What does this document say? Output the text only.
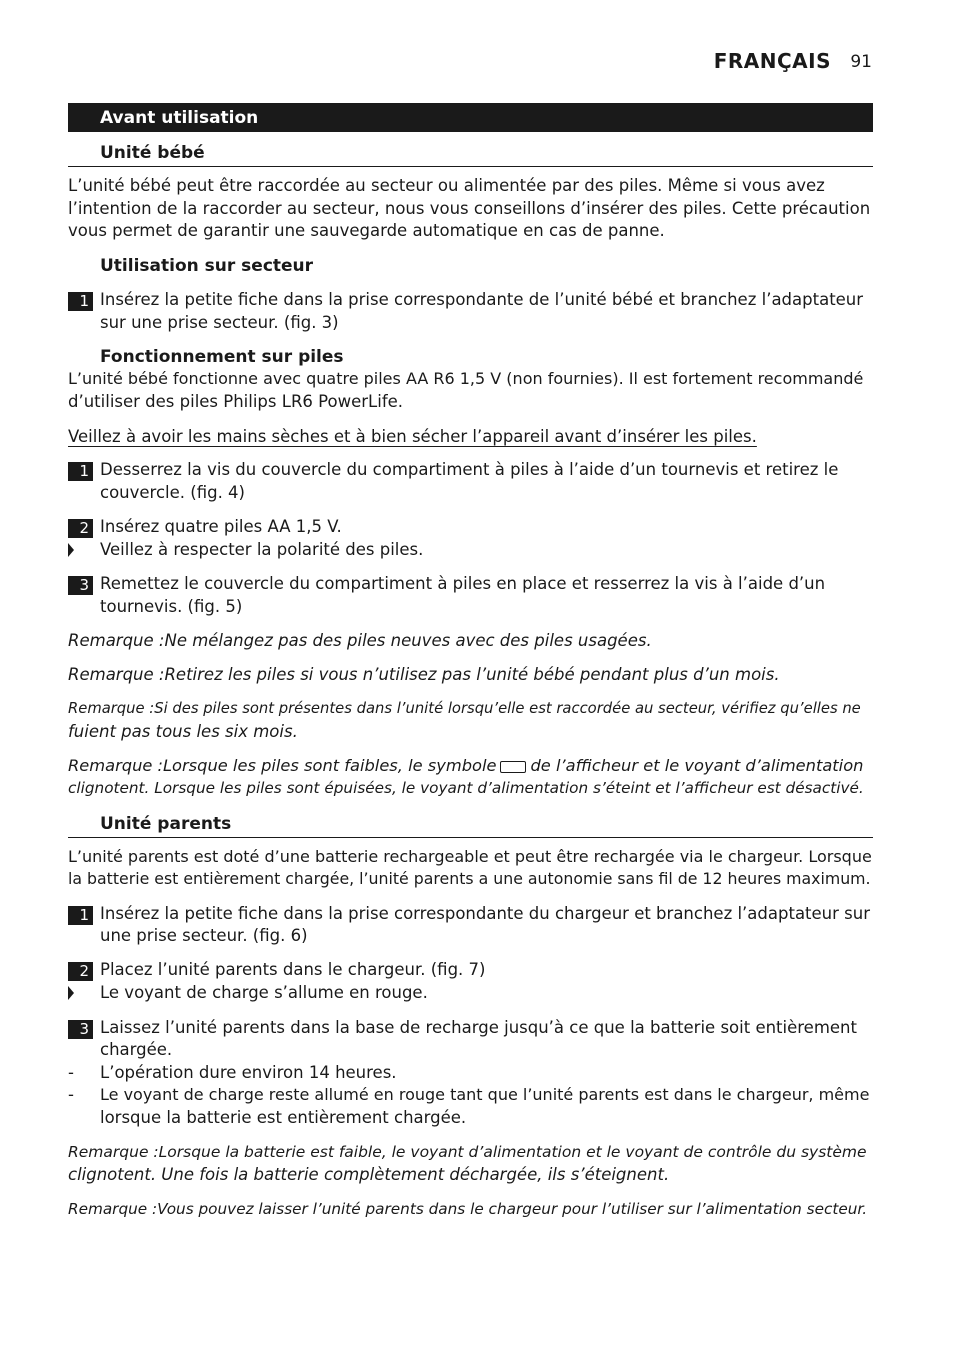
FRANÇAIS 91
Avant utilisation
Unité bébé
L’unité bébé peut être raccordée au secteur ou alimentée par des piles. Même si vous avez
l’intention de la raccorder au secteur, nous vous conseillons d’insérer des piles. Cette précaution
vous permet de garantir une sauvegarde automatique en cas de panne.
Utilisation sur secteur
1 Insérez la petite fiche dans la prise correspondante de l’unité bébé et branchez l’adaptateur
sur une prise secteur. (fig. 3)
Fonctionnement sur piles
L’unité bébé fonctionne avec quatre piles AA R6 1,5 V (non fournies). Il est fortement recommandé
d’utiliser des piles Philips LR6 PowerLife.
Veillez à avoir les mains sèches et à bien sécher l’appareil avant d’insérer les piles.
1 Desserrez la vis du couvercle du compartiment à piles à l’aide d’un tournevis et retirez le
couvercle. (fig. 4)
2 Insérez quatre piles AA 1,5 V.
Veillez à respecter la polarité des piles.
3 Remettez le couvercle du compartiment à piles en place et resserrez la vis à l’aide d’un
tournevis. (fig. 5)
Remarque :Ne mélangez pas des piles neuves avec des piles usagées.
Remarque :Retirez les piles si vous n’utilisez pas l’unité bébé pendant plus d’un mois.
Remarque :Si des piles sont présentes dans l’unité lorsqu’elle est raccordée au secteur, vérifiez qu’elles ne
fuient pas tous les six mois.
Remarque :Lorsque les piles sont faibles, le symbole de l’afficheur et le voyant d’alimentation
clignotent. Lorsque les piles sont épuisées, le voyant d’alimentation s’éteint et l’afficheur est désactivé.
Unité parents
L’unité parents est doté d’une batterie rechargeable et peut être rechargée via le chargeur. Lorsque
la batterie est entièrement chargée, l’unité parents a une autonomie sans fil de 12 heures maximum.
1 Insérez la petite fiche dans la prise correspondante du chargeur et branchez l’adaptateur sur
une prise secteur. (fig. 6)
2 Placez l’unité parents dans le chargeur. (fig. 7)
Le voyant de charge s’allume en rouge.
3 Laissez l’unité parents dans la base de recharge jusqu’à ce que la batterie soit entièrement
chargée.
- L’opération dure environ 14 heures.
- Le voyant de charge reste allumé en rouge tant que l’unité parents est dans le chargeur, même
lorsque la batterie est entièrement chargée.
Remarque :Lorsque la batterie est faible, le voyant d’alimentation et le voyant de contrôle du système
clignotent. Une fois la batterie complètement déchargée, ils s’éteignent.
Remarque :Vous pouvez laisser l’unité parents dans le chargeur pour l’utiliser sur l’alimentation secteur.
